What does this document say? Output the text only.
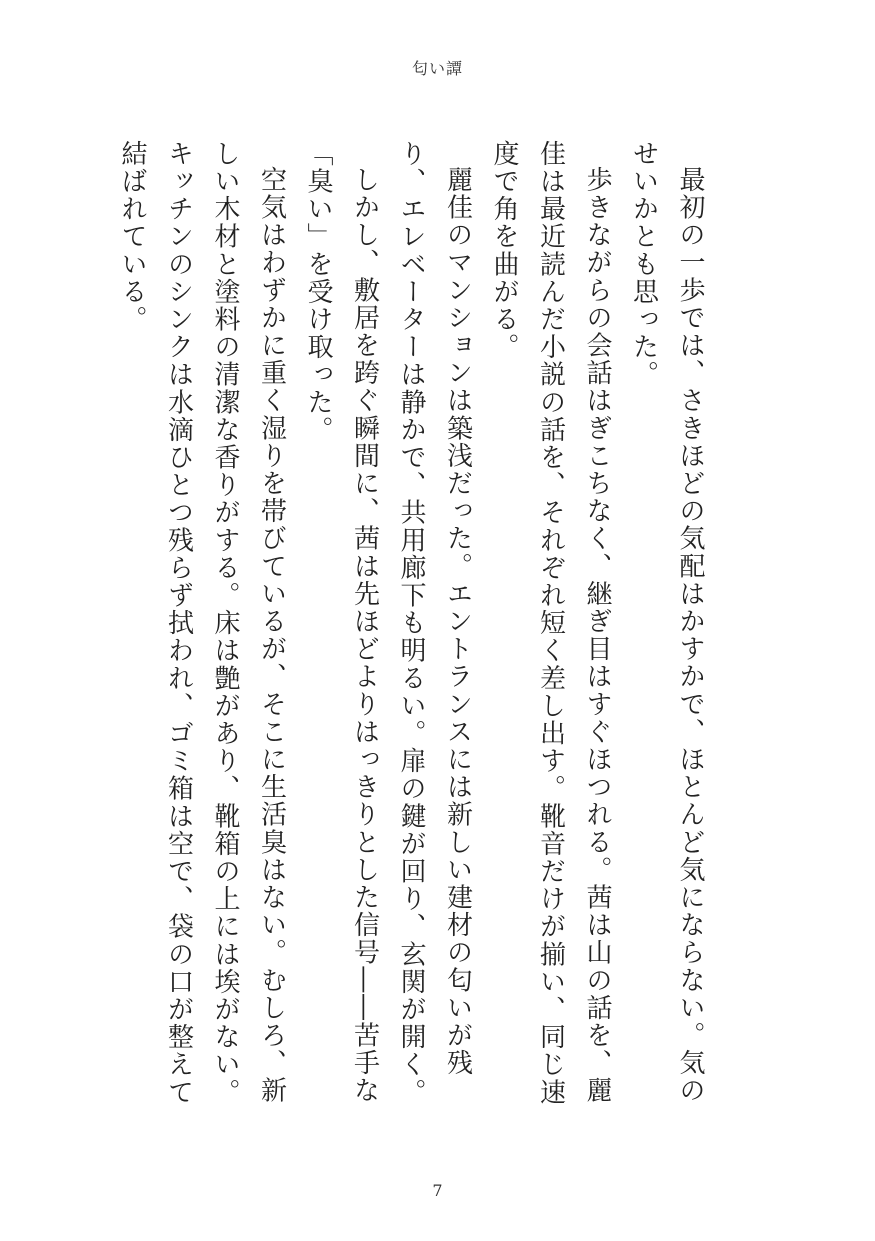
匂い譚

最初の一歩では、さきほどの気配はかすかで、ほとんど気にならない。気のせいかとも思った。

歩きながらの会話はぎこちなく、継ぎ目はすぐほつれる。茜は山の話を、麗佳は最近読んだ小説の話を、それぞれ短く差し出す。靴音だけが揃い、同じ速度で角を曲がる。

麗佳のマンションは築浅だった。エントランスには新しい建材の匂いが残り、エレベーターは静かで、共用廊下も明るい。扉の鍵が回り、玄関が開く。

しかし、敷居を跨ぐ瞬間に、茜は先ほどよりはっきりとした信号――苦手な「臭い」を受け取った。

空気はわずかに重く湿りを帯びているが、そこに生活臭はない。むしろ、新しい木材と塗料の清潔な香りがする。床は艶があり、靴箱の上には埃がない。キッチンのシンクは水滴ひとつ残らず拭われ、ゴミ箱は空で、袋の口が整えて結ばれている。

7
